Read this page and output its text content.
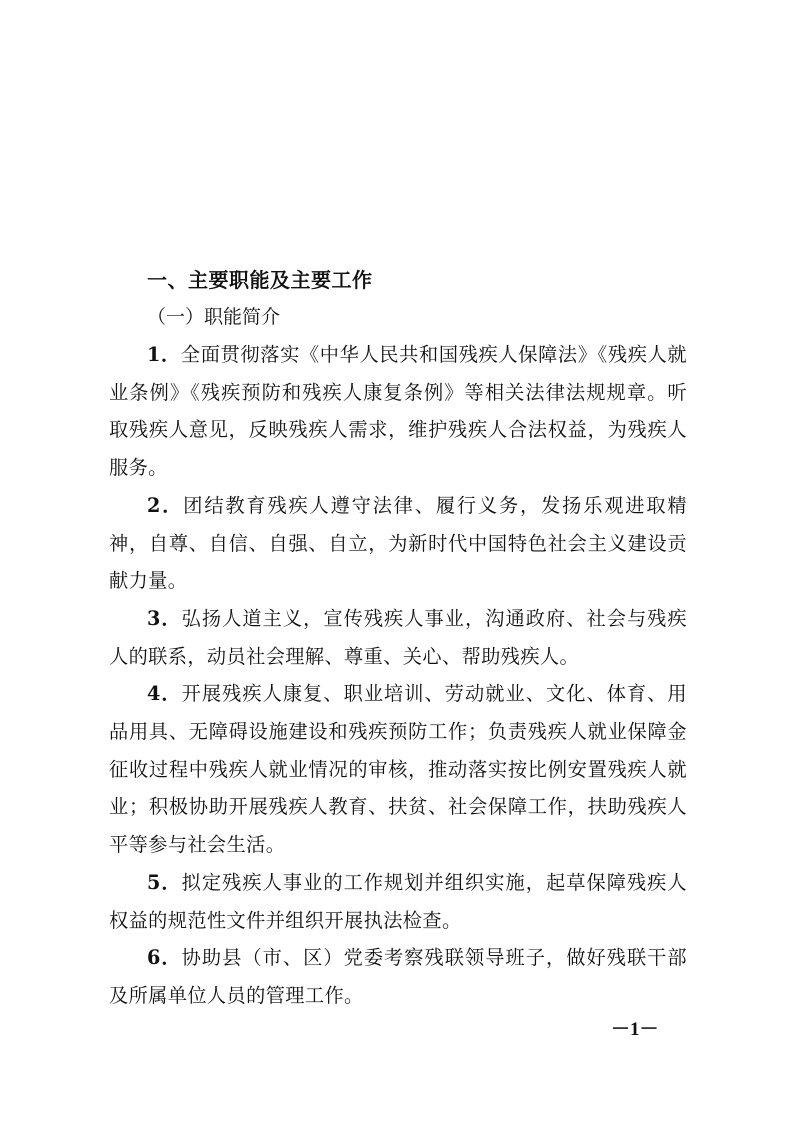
一、主要职能及主要工作

（一）职能简介

1．全面贯彻落实《中华人民共和国残疾人保障法》《残疾人就业条例》《残疾预防和残疾人康复条例》等相关法律法规规章。听取残疾人意见，反映残疾人需求，维护残疾人合法权益，为残疾人服务。

2．团结教育残疾人遵守法律、履行义务，发扬乐观进取精神，自尊、自信、自强、自立，为新时代中国特色社会主义建设贡献力量。

3．弘扬人道主义，宣传残疾人事业，沟通政府、社会与残疾人的联系，动员社会理解、尊重、关心、帮助残疾人。

4．开展残疾人康复、职业培训、劳动就业、文化、体育、用品用具、无障碍设施建设和残疾预防工作；负责残疾人就业保障金征收过程中残疾人就业情况的审核，推动落实按比例安置残疾人就业；积极协助开展残疾人教育、扶贫、社会保障工作，扶助残疾人平等参与社会生活。

5．拟定残疾人事业的工作规划并组织实施，起草保障残疾人权益的规范性文件并组织开展执法检查。

6．协助县（市、区）党委考察残联领导班子，做好残联干部及所属单位人员的管理工作。

－1－
